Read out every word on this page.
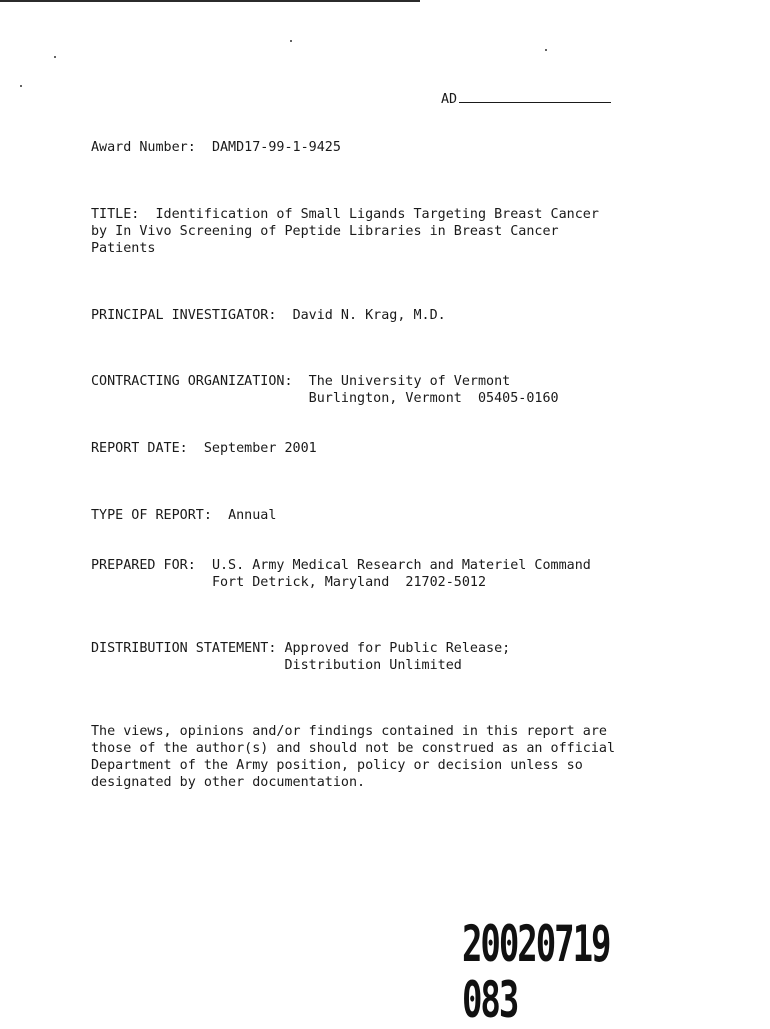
AD
Award Number: DAMD17-99-1-9425
TITLE: Identification of Small Ligands Targeting Breast Cancer
by In Vivo Screening of Peptide Libraries in Breast Cancer
Patients
PRINCIPAL INVESTIGATOR: David N. Krag, M.D.
CONTRACTING ORGANIZATION: The University of Vermont
Burlington, Vermont  05405-0160
REPORT DATE: September 2001
TYPE OF REPORT: Annual
PREPARED FOR: U.S. Army Medical Research and Materiel Command
Fort Detrick, Maryland  21702-5012
DISTRIBUTION STATEMENT: Approved for Public Release;
Distribution Unlimited
The views, opinions and/or findings contained in this report are
those of the author(s) and should not be construed as an official
Department of the Army position, policy or decision unless so
designated by other documentation.
20020719 083
